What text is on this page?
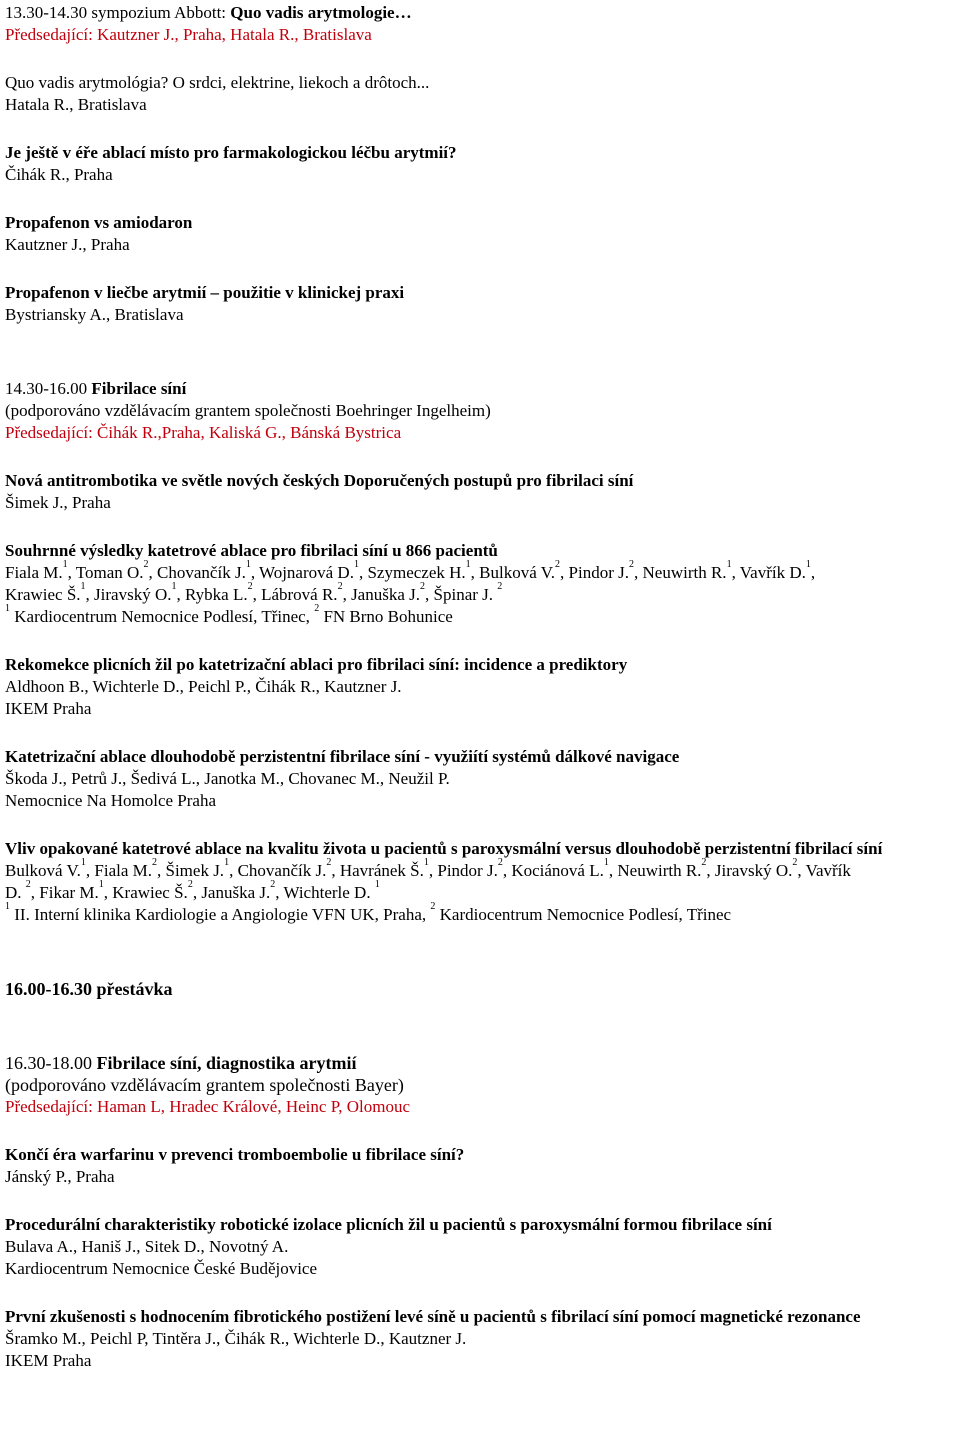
13.30-14.30 sympozium Abbott: Quo vadis arytmologie…

Předsedající: Kautzner J., Praha, Hatala R., Bratislava

Quo vadis arytmológia? O srdci, elektrine, liekoch a drôtoch...

Hatala R., Bratislava

Je ještě v éře ablací místo pro farmakologickou léčbu arytmií?

Čihák R., Praha

Propafenon vs amiodaron

Kautzner J., Praha

Propafenon v liečbe arytmií – použitie v klinickej praxi

Bystriansky A., Bratislava

14.30-16.00 Fibrilace síní

(podporováno vzdělávacím grantem společnosti Boehringer Ingelheim)

Předsedající: Čihák R.,Praha, Kaliská G., Bánská Bystrica

Nová antitrombotika ve světle nových českých Doporučených postupů pro fibrilaci síní

Šimek J., Praha

Souhrnné výsledky katetrové ablace pro fibrilaci síní u 866 pacientů

Fiala M.$^1$, Toman O.$^2$, Chovančík J.$^1$, Wojnarová D.$^1$, Szymeczek H.$^1$, Bulková V.$^2$, Pindor J.$^2$, Neuwirth R.$^1$, Vavřík D.$^1$,

Krawiec Š.$^1$, Jiravský O.$^1$, Rybka L.$^2$, Lábrová R.$^2$, Januška J.$^2$, Špinar J. $^2$

$^1$ Kardiocentrum Nemocnice Podlesí, Třinec, $^2$ FN Brno Bohunice

Rekomekce plicních žil po katetrizační ablaci pro fibrilaci síní: incidence a prediktory

Aldhoon B., Wichterle D., Peichl P., Čihák R., Kautzner J.

IKEM Praha

Katetrizační ablace dlouhodobě perzistentní fibrilace síní - využiítí systémů dálkové navigace

Škoda J., Petrů J., Šedivá L., Janotka M., Chovanec M., Neužil P.

Nemocnice Na Homolce Praha

Vliv opakované katetrové ablace na kvalitu života u pacientů s paroxysmální versus dlouhodobě perzistentní fibrilací síní

Bulková V.$^1$, Fiala M.$^2$, Šimek J.$^1$, Chovančík J.$^2$, Havránek Š.$^1$, Pindor J.$^2$, Kociánová L.$^1$, Neuwirth R.$^2$, Jiravský O.$^2$, Vavřík

D. $^2$, Fikar M.$^1$, Krawiec Š.$^2$, Januška J.$^2$, Wichterle D. $^1$

$^1$ II. Interní klinika Kardiologie a Angiologie VFN UK, Praha, $^2$ Kardiocentrum Nemocnice Podlesí, Třinec

16.00-16.30 přestávka

16.30-18.00 Fibrilace síní, diagnostika arytmií

(podporováno vzdělávacím grantem společnosti Bayer)

Předsedající: Haman L, Hradec Králové, Heinc P, Olomouc

Končí éra warfarinu v prevenci tromboembolie u fibrilace síní?

Jánský P., Praha

Procedurální charakteristiky robotické izolace plicních žil u pacientů s paroxysmální formou fibrilace síní

Bulava A., Haniš J., Sitek D., Novotný A.

Kardiocentrum Nemocnice České Budějovice

První zkušenosti s hodnocením fibrotického postižení levé síně u pacientů s fibrilací síní pomocí magnetické rezonance

Šramko M., Peichl P, Tintěra J., Čihák R., Wichterle D., Kautzner J.

IKEM Praha
